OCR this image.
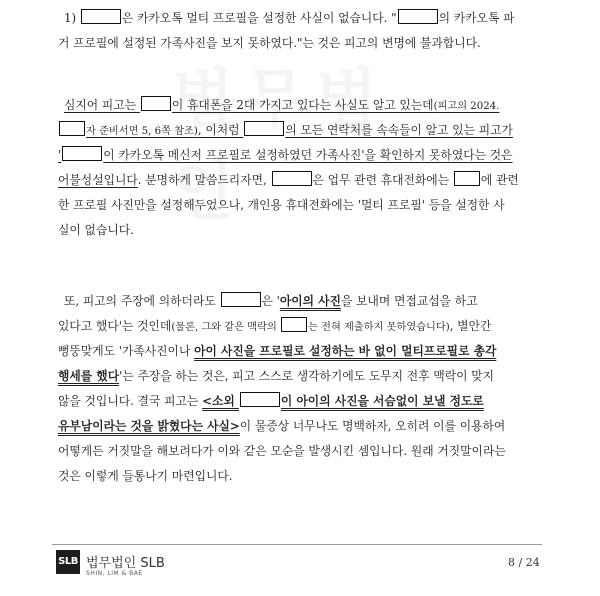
1)	은 카카오톡 멀티 프로필을 설정한 사실이 없습니다. "	의 카카오톡 파
거 프로필에 설정된 가족사진을 보지 못하였다."는 것은 피고의 변명에 불과합니다.
심지어 피고는	이 휴대폰을 2대 가지고 있다는 사실도 알고 있는데(피고의 2024.
자 준비서면 5, 6쪽 참조), 이처럼	의 모든 연락처를 속속들이 알고 있는 피고가
'	이 카카오톡 메신저 프로필로 설정하였던 가족사진'을 확인하지 못하였다는 것은
어불성설입니다. 분명하게 말씀드리자면,	은 업무 관련 휴대전화에는 에 관련
한 프로필 사진만을 설정해두었으나, 개인용 휴대전화에는 '멀티 프로필' 등을 설정한 사
실이 없습니다.
또, 피고의 주장에 의하더라도	은 '아이의 사진을 보내며 면접교섭을 하고
있다고 했다'는 것인데(물론, 그와 같은 맥락의	는 전혀 제출하지 못하였습니다), 별안간
뻥뚱맞게도 '가족사진이나 아이 사진을 프로필로 설정하는 바 없이 멀티프로필로 총각
행세를 했다'는 주장을 하는 것은, 피고 스스로 생각하기에도 도무지 전후 맥락이 맞지
않을 것입니다. 결국 피고는 <소외	이 아이의 사진을 서슴없이 보낼 정도로
유부남이라는 것을 밝혔다는 사실>이 물증상 너무나도 명백하자, 오히려 이를 이용하여
어떻게든 거짓말을 해보려다가 이와 같은 모순을 발생시킨 셈입니다. 원래 거짓말이라는
것은 이렇게 들통나기 마련입니다.
SLB 법무법인 SLB
SHIN, LIM & BAE
8 / 24
